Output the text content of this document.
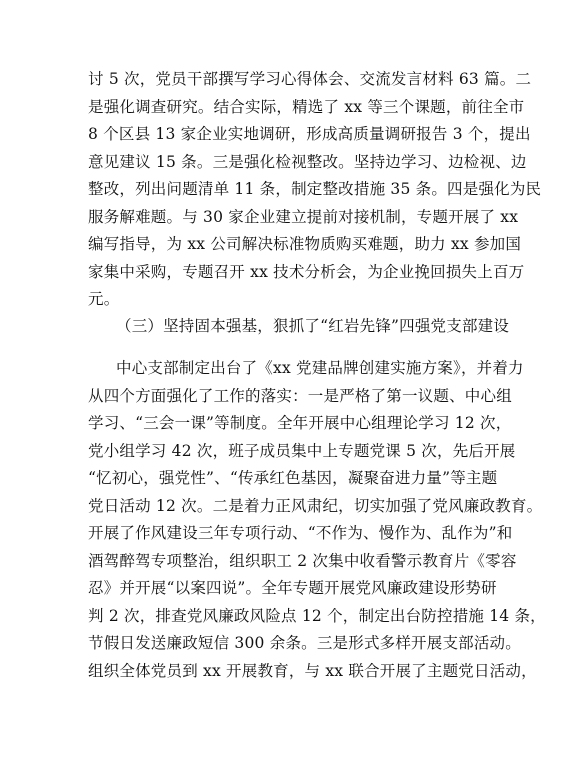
讨 5 次，党员干部撰写学习心得体会、交流发言材料 63 篇。二
是强化调查研究。结合实际，精选了 xx 等三个课题，前往全市
8 个区县 13 家企业实地调研，形成高质量调研报告 3 个，提出
意见建议 15 条。三是强化检视整改。坚持边学习、边检视、边
整改，列出问题清单 11 条，制定整改措施 35 条。四是强化为民
服务解难题。与 30 家企业建立提前对接机制，专题开展了 xx
编写指导，为 xx 公司解决标准物质购买难题，助力 xx 参加国
家集中采购，专题召开 xx 技术分析会，为企业挽回损失上百万
元。
（三）坚持固本强基，狠抓了“红岩先锋”四强党支部建设
中心支部制定出台了《xx 党建品牌创建实施方案》，并着力
从四个方面强化了工作的落实：一是严格了第一议题、中心组
学习、“三会一课”等制度。全年开展中心组理论学习 12 次，
党小组学习 42 次，班子成员集中上专题党课 5 次，先后开展
“忆初心，强党性”、“传承红色基因，凝聚奋进力量”等主题
党日活动 12 次。二是着力正风肃纪，切实加强了党风廉政教育。
开展了作风建设三年专项行动、“不作为、慢作为、乱作为”和
酒驾醉驾专项整治，组织职工 2 次集中收看警示教育片《零容
忍》并开展“以案四说”。全年专题开展党风廉政建设形势研
判 2 次，排查党风廉政风险点 12 个，制定出台防控措施 14 条，
节假日发送廉政短信 300 余条。三是形式多样开展支部活动。
组织全体党员到 xx 开展教育，与 xx 联合开展了主题党日活动，
